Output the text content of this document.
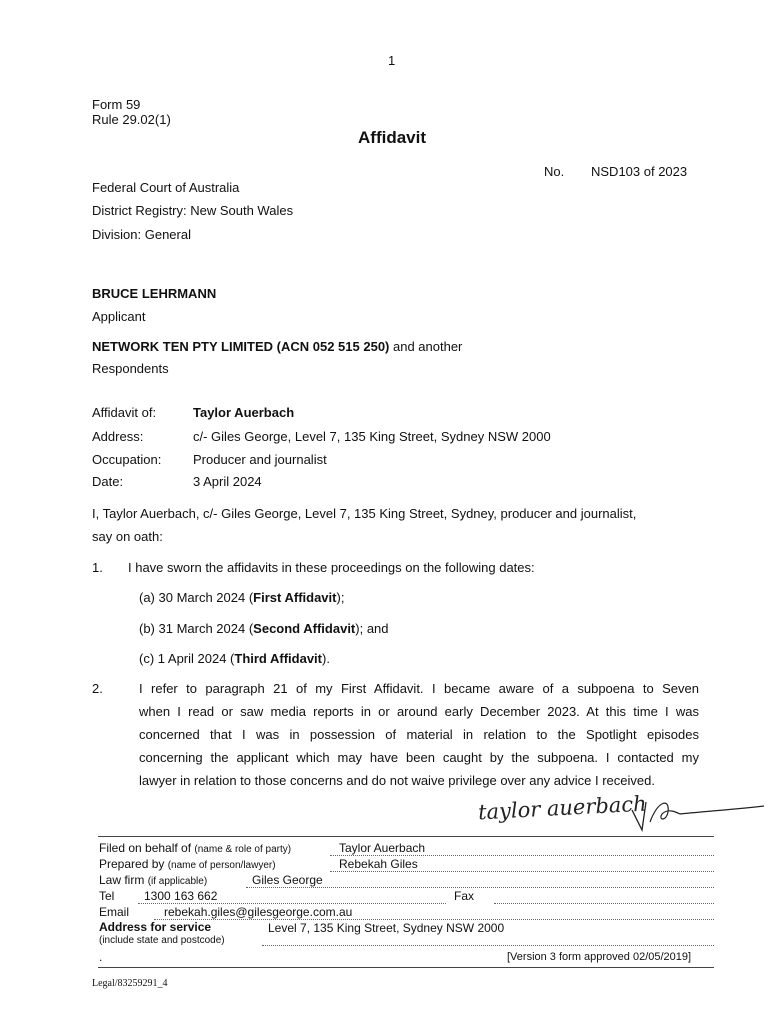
1
Form 59
Rule 29.02(1)
Affidavit
No. NSD103 of 2023
Federal Court of Australia
District Registry: New South Wales
Division: General
BRUCE LEHRMANN
Applicant
NETWORK TEN PTY LIMITED (ACN 052 515 250) and another
Respondents
Affidavit of:	Taylor Auerbach
Address:	c/- Giles George, Level 7, 135 King Street, Sydney NSW 2000
Occupation: Producer and journalist
Date:	3 April 2024
I, Taylor Auerbach, c/- Giles George, Level 7, 135 King Street, Sydney, producer and journalist,
say on oath:
1. I have sworn the affidavits in these proceedings on the following dates:
(a) 30 March 2024 (First Affidavit);
(b) 31 March 2024 (Second Affidavit); and
(c) 1 April 2024 (Third Affidavit).
2.	I refer to paragraph 21 of my First Affidavit. I became aware of a subpoena to Seven
when I read or saw media reports in or around early December 2023. At this time I was
concerned that I was in possession of material in relation to the Spotlight episodes
concerning the applicant which may have been caught by the subpoena. I contacted my
lawyer in relation to those concerns and do not waive privilege over any advice I received.
taylor auerbach
Filed on behalf of (name & role of party)	Taylor Auerbach
Prepared by (name of person/lawyer)	Rebekah Giles
Law firm (if applicable)	Giles George
Tel 1300 163 662	Fax
Email	rebekah.giles@gilesgeorge.com.au
Address for service
(include state and postcode)
Level 7, 135 King Street, Sydney NSW 2000
.	[Version 3 form approved 02/05/2019]
Legal/83259291_4
